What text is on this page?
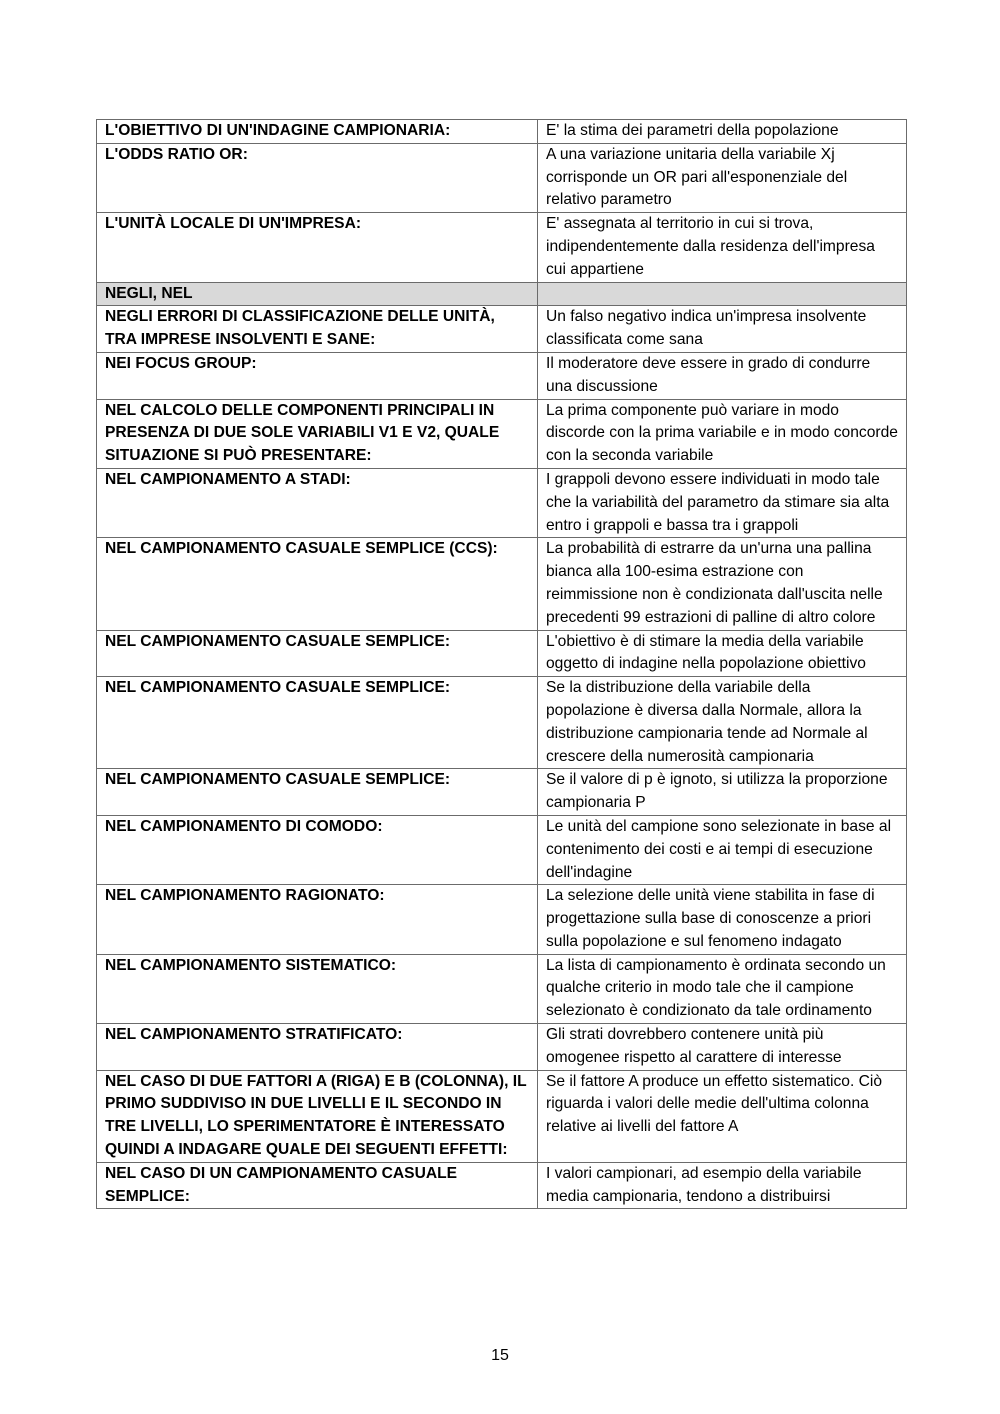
L'OBIETTIVO DI UN'INDAGINE CAMPIONARIA:	E' la stima dei parametri della popolazione
L'ODDS RATIO OR:	A una variazione unitaria della variabile Xj corrisponde un OR pari all'esponenziale del relativo parametro
L'UNITÀ LOCALE DI UN'IMPRESA:	E' assegnata al territorio in cui si trova, indipendentemente dalla residenza dell'impresa cui appartiene
NEGLI, NEL	
NEGLI ERRORI DI CLASSIFICAZIONE DELLE UNITÀ, TRA IMPRESE INSOLVENTI E SANE:	Un falso negativo indica un'impresa insolvente classificata come sana
NEI FOCUS GROUP:	Il moderatore deve essere in grado di condurre una discussione
NEL CALCOLO DELLE COMPONENTI PRINCIPALI IN PRESENZA DI DUE SOLE VARIABILI V1 E V2, QUALE SITUAZIONE SI PUÒ PRESENTARE:	La prima componente può variare in modo discorde con la prima variabile e in modo concorde con la seconda variabile
NEL CAMPIONAMENTO A STADI:	I grappoli devono essere individuati in modo tale che la variabilità del parametro da stimare sia alta entro i grappoli e bassa tra i grappoli
NEL CAMPIONAMENTO CASUALE SEMPLICE (CCS):	La probabilità di estrarre da un'urna una pallina bianca alla 100-esima estrazione con reimmissione non è condizionata dall'uscita nelle precedenti 99 estrazioni di palline di altro colore
NEL CAMPIONAMENTO CASUALE SEMPLICE:	L'obiettivo è di stimare la media della variabile oggetto di indagine nella popolazione obiettivo
NEL CAMPIONAMENTO CASUALE SEMPLICE:	Se la distribuzione della variabile della popolazione è diversa dalla Normale, allora la distribuzione campionaria tende ad Normale al crescere della numerosità campionaria
NEL CAMPIONAMENTO CASUALE SEMPLICE:	Se il valore di p è ignoto, si utilizza la proporzione campionaria P
NEL CAMPIONAMENTO DI COMODO:	Le unità del campione sono selezionate in base al contenimento dei costi e ai tempi di esecuzione dell'indagine
NEL CAMPIONAMENTO RAGIONATO:	La selezione delle unità viene stabilita in fase di progettazione sulla base di conoscenze a priori sulla popolazione e sul fenomeno indagato
NEL CAMPIONAMENTO SISTEMATICO:	La lista di campionamento è ordinata secondo un qualche criterio in modo tale che il campione selezionato è condizionato da tale ordinamento
NEL CAMPIONAMENTO STRATIFICATO:	Gli strati dovrebbero contenere unità più omogenee rispetto al carattere di interesse
NEL CASO DI DUE FATTORI A (RIGA) E B (COLONNA), IL PRIMO SUDDIVISO IN DUE LIVELLI E IL SECONDO IN TRE LIVELLI, LO SPERIMENTATORE È INTERESSATO QUINDI A INDAGARE QUALE DEI SEGUENTI EFFETTI:	Se il fattore A produce un effetto sistematico. Ciò riguarda i valori delle medie dell'ultima colonna relative ai livelli del fattore A
NEL CASO DI UN CAMPIONAMENTO CASUALE SEMPLICE:	I valori campionari, ad esempio della variabile media campionaria, tendono a distribuirsi
15
